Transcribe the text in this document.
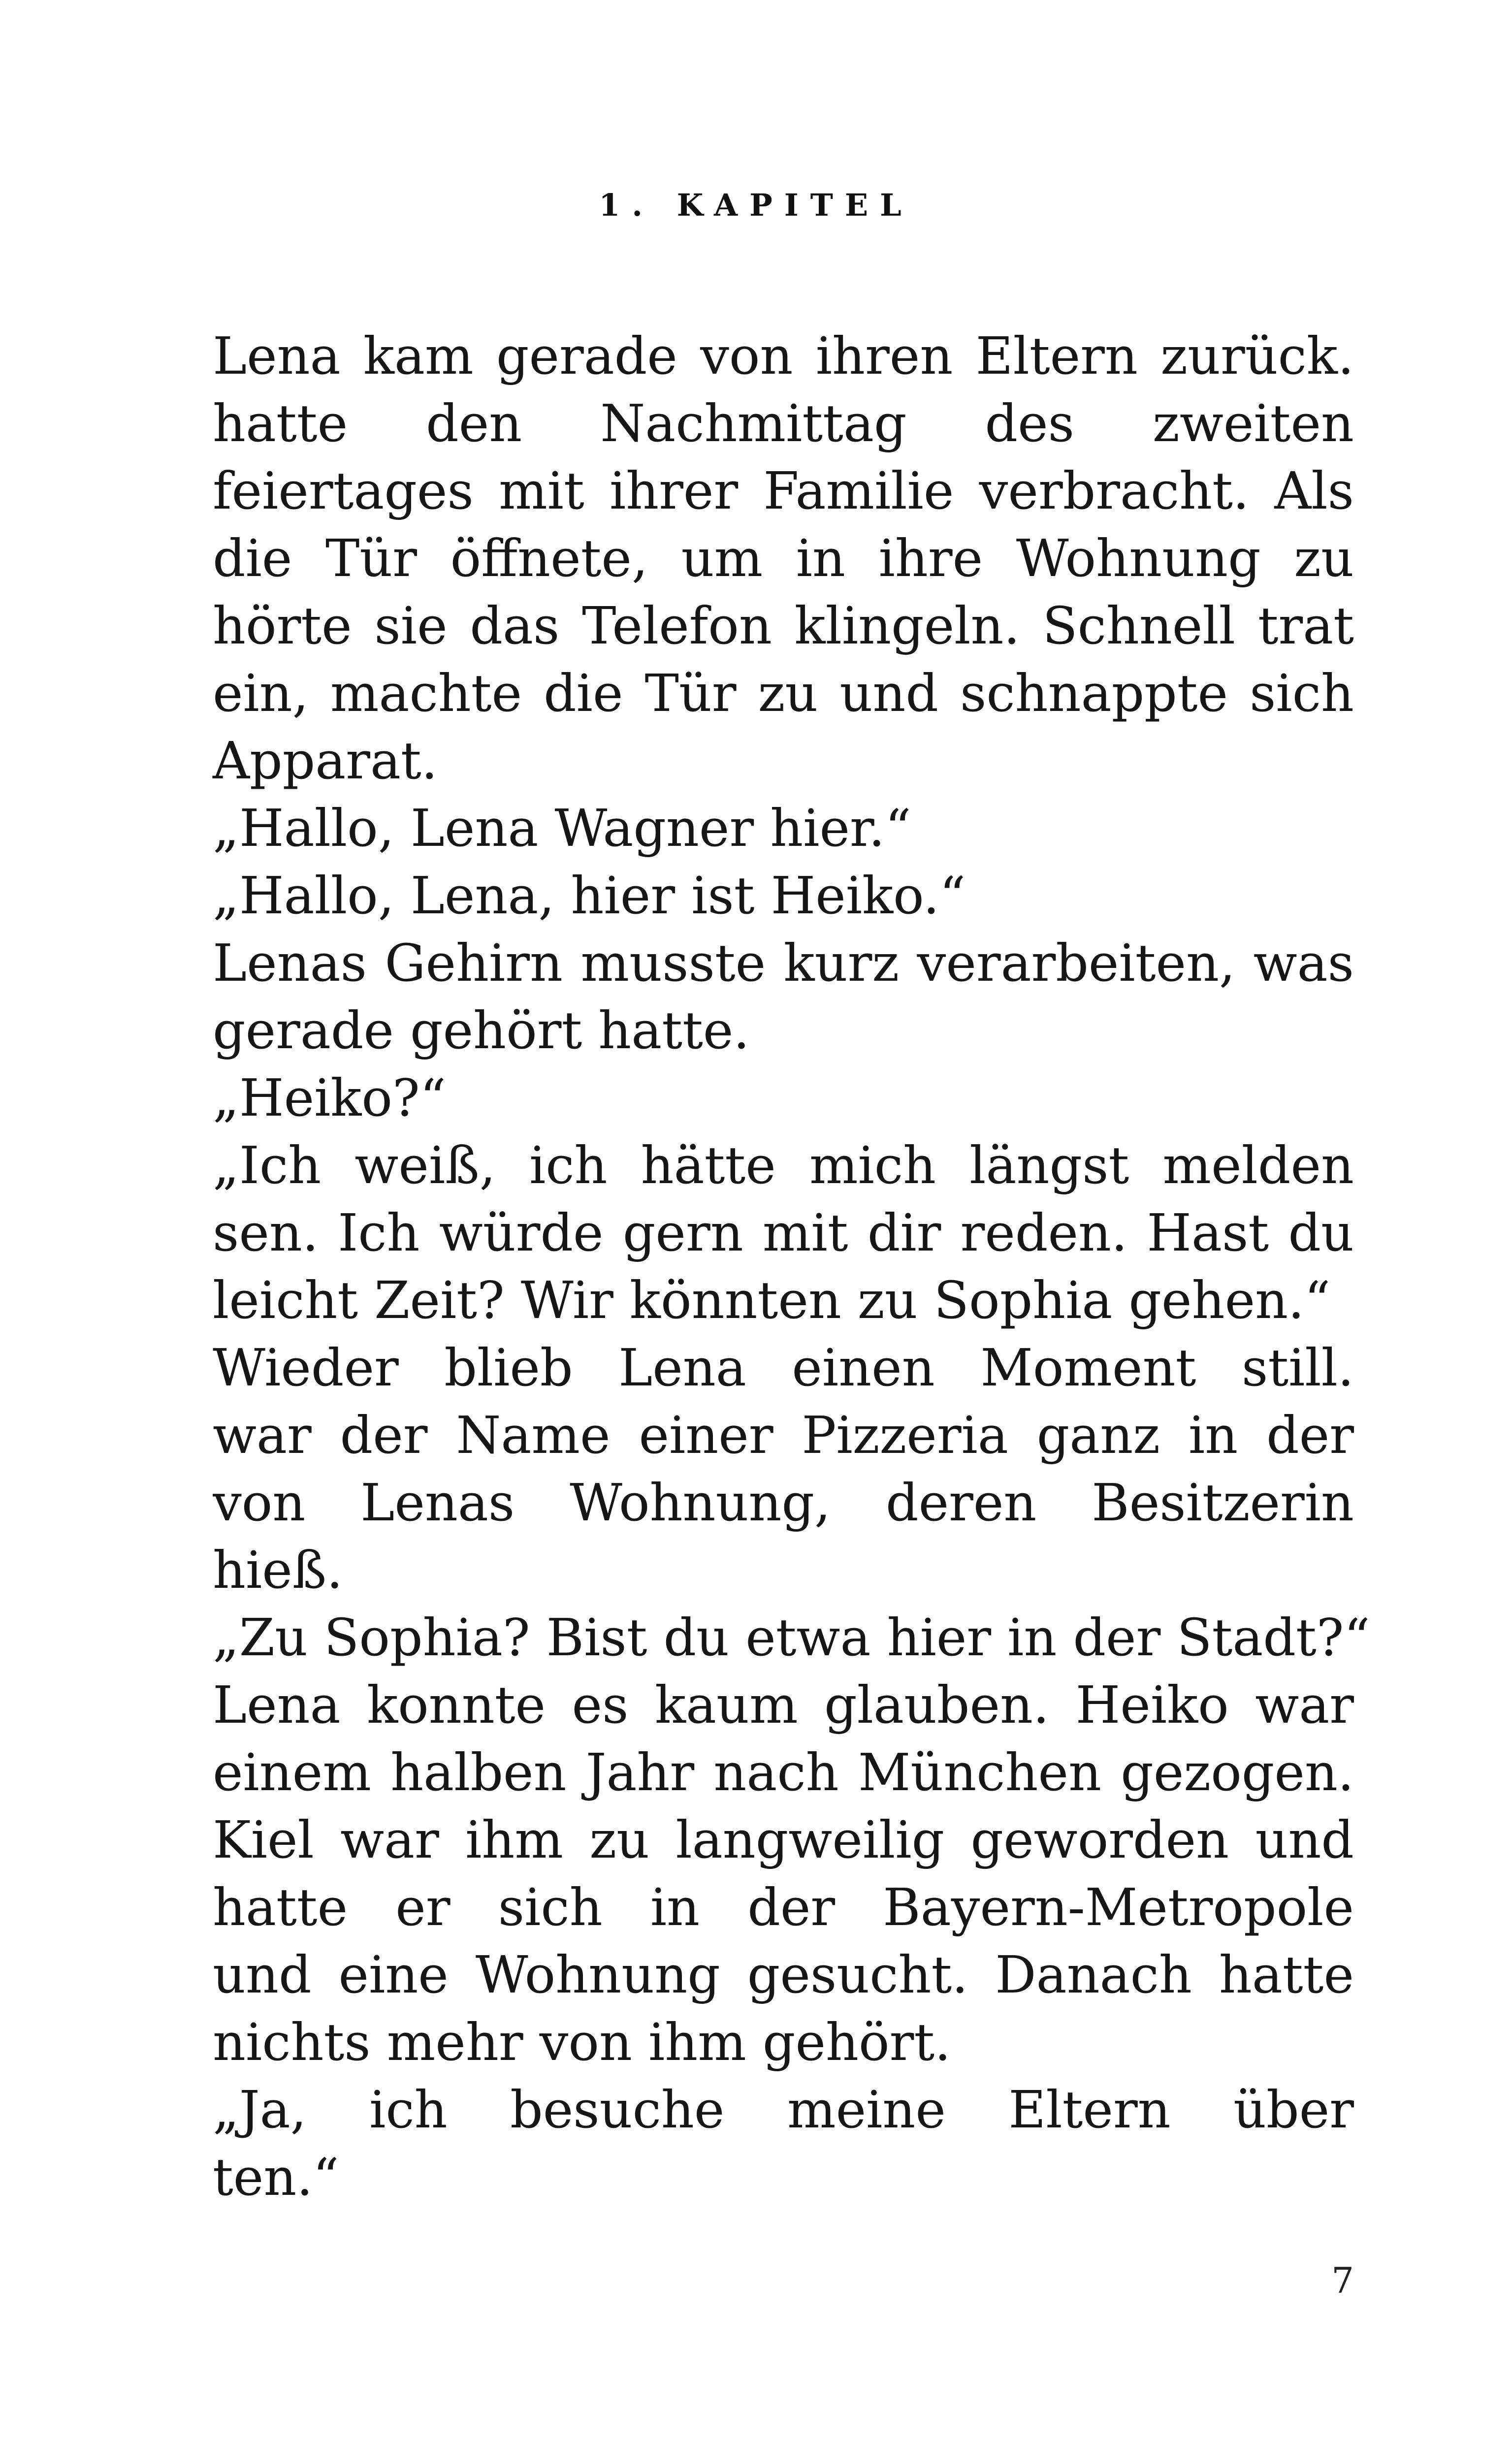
1. KAPITEL
Lena kam gerade von ihren Eltern zurück.
hatte den Nachmittag des zweiten
feiertages mit ihrer Familie verbracht. Als
die Tür öffnete, um in ihre Wohnung zu
hörte sie das Telefon klingeln. Schnell trat
ein, machte die Tür zu und schnappte sich
Apparat.
„Hallo, Lena Wagner hier.“
„Hallo, Lena, hier ist Heiko.“
Lenas Gehirn musste kurz verarbeiten, was
gerade gehört hatte.
„Heiko?“
„Ich weiß, ich hätte mich längst melden
sen. Ich würde gern mit dir reden. Hast du
leicht Zeit? Wir könnten zu Sophia gehen.“
Wieder blieb Lena einen Moment still.
war der Name einer Pizzeria ganz in der
von Lenas Wohnung, deren Besitzerin
hieß.
„Zu Sophia? Bist du etwa hier in der Stadt?“
Lena konnte es kaum glauben. Heiko war
einem halben Jahr nach München gezogen.
Kiel war ihm zu langweilig geworden und
hatte er sich in der Bayern-Metropole
und eine Wohnung gesucht. Danach hatte
nichts mehr von ihm gehört.
„Ja, ich besuche meine Eltern über
ten.“
7
